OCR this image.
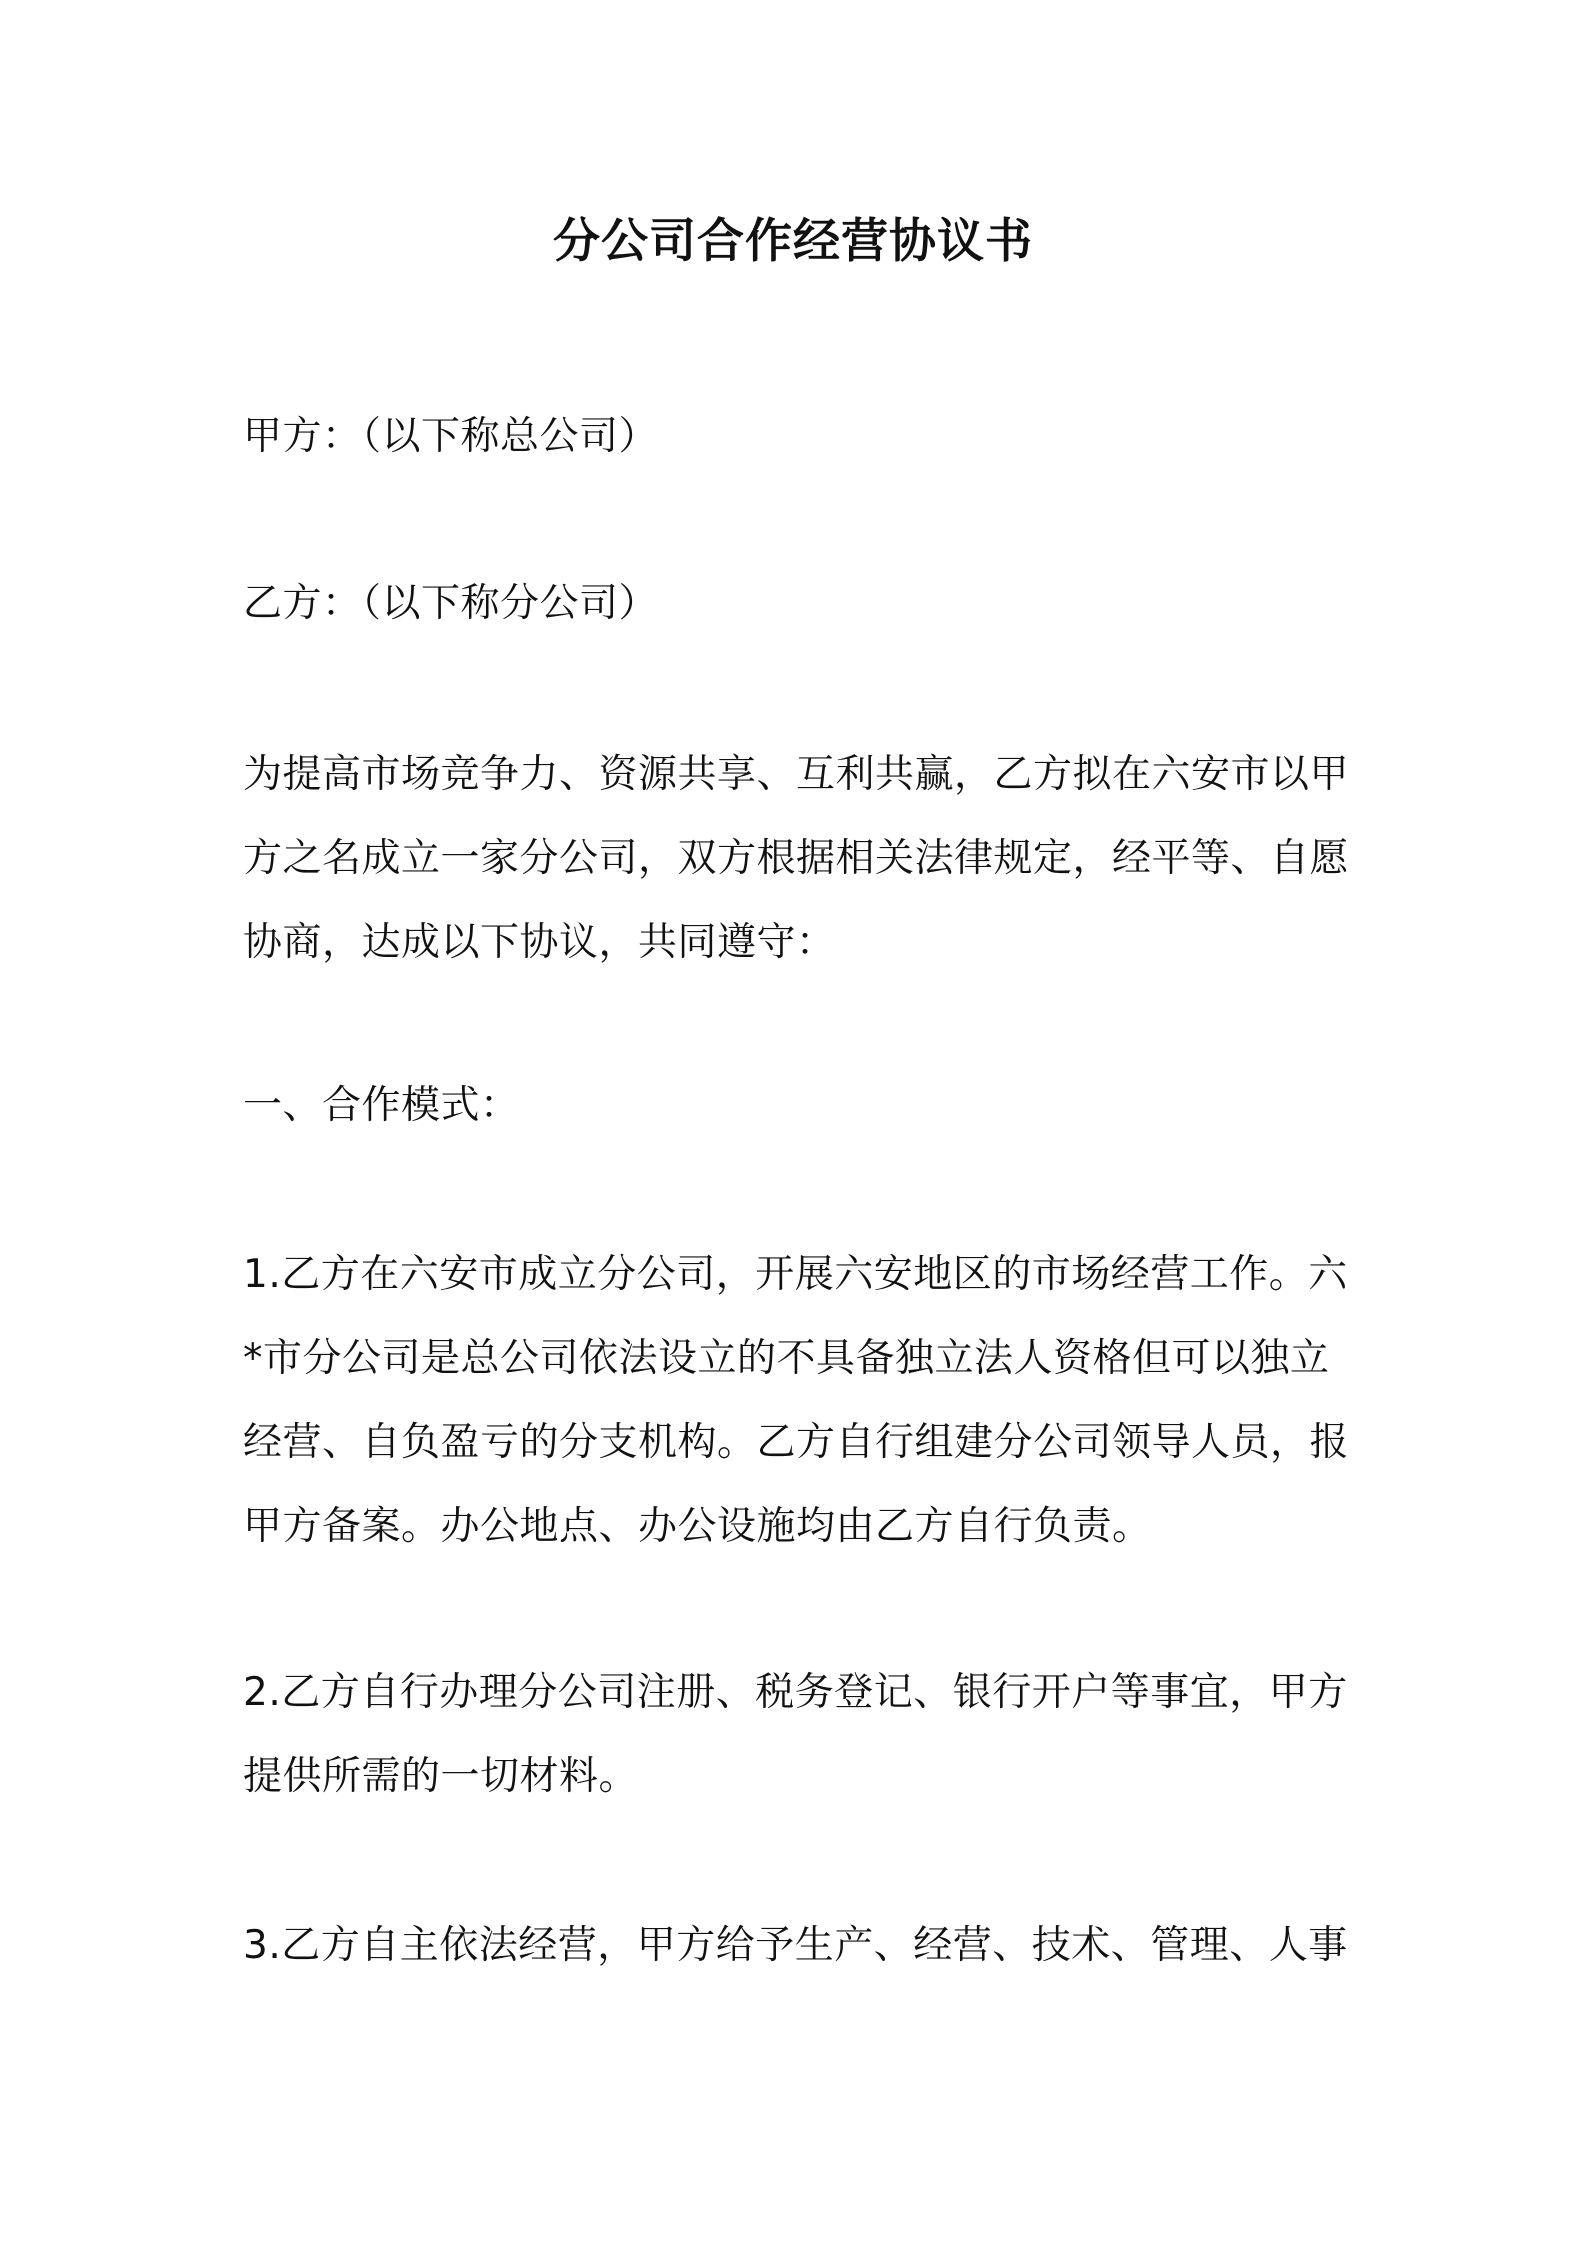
分公司合作经营协议书
甲方：（以下称总公司）
乙方：（以下称分公司）
为提高市场竞争力、资源共享、互利共赢，乙方拟在六安市以甲
方之名成立一家分公司，双方根据相关法律规定，经平等、自愿
协商，达成以下协议，共同遵守：
一、合作模式：
1.乙方在六安市成立分公司，开展六安地区的市场经营工作。六
*市分公司是总公司依法设立的不具备独立法人资格但可以独立
经营、自负盈亏的分支机构。乙方自行组建分公司领导人员，报
甲方备案。办公地点、办公设施均由乙方自行负责。
2.乙方自行办理分公司注册、税务登记、银行开户等事宜，甲方
提供所需的一切材料。
3.乙方自主依法经营，甲方给予生产、经营、技术、管理、人事
